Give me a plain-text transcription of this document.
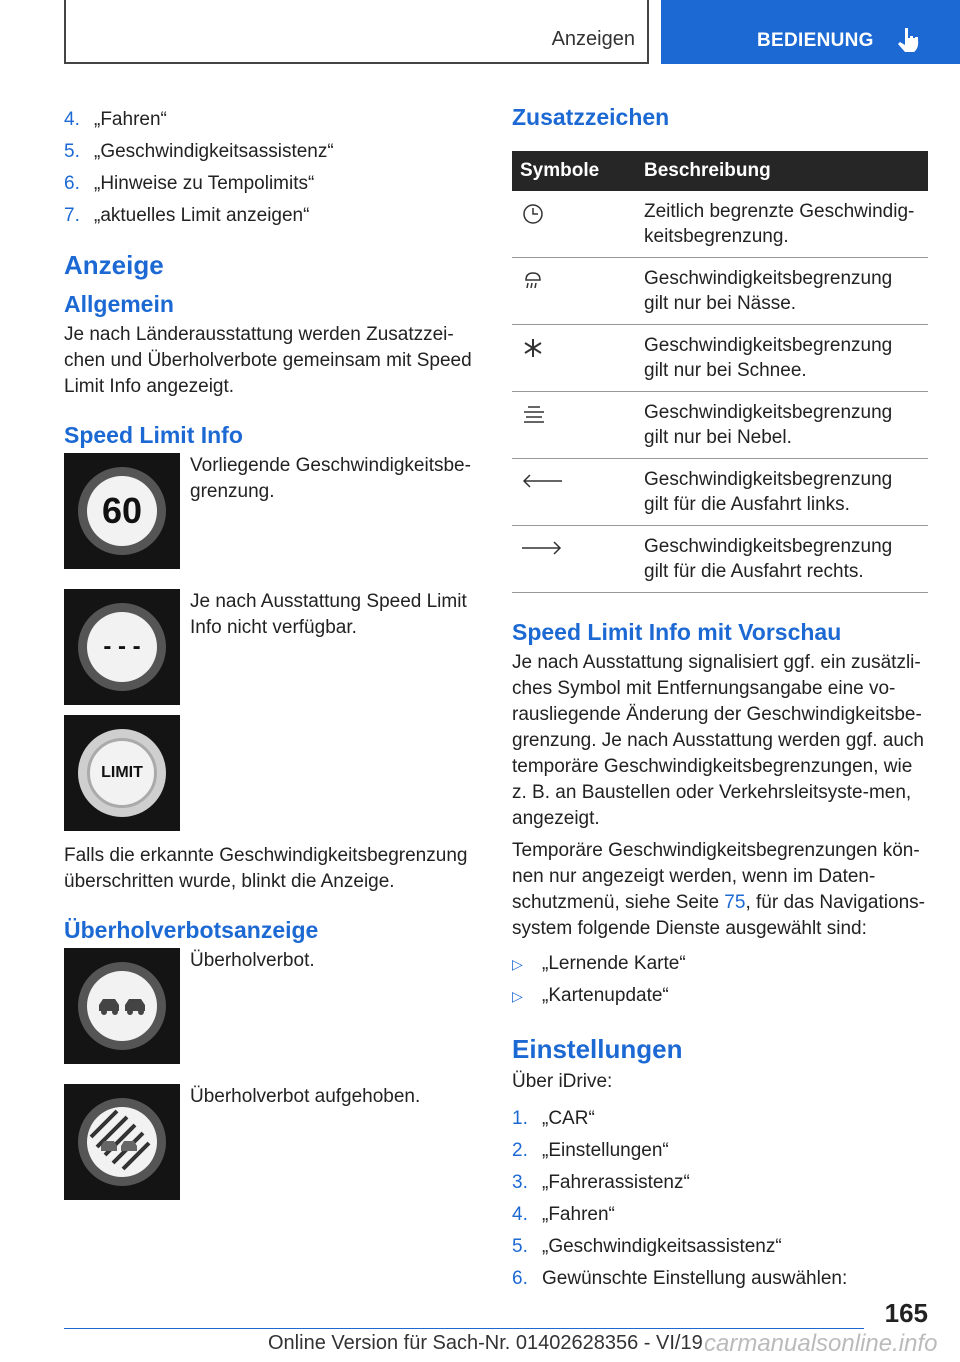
Anzeigen	BEDIENUNG
4. „Fahren“
5. „Geschwindigkeitsassistenz“
6. „Hinweise zu Tempolimits“
7. „aktuelles Limit anzeigen“
Anzeige
Allgemein

Je nach Länderausstattung werden Zusatzzei-chen und Überholverbote gemeinsam mit Speed Limit Info angezeigt.

Speed Limit Info
60
Vorliegende Geschwindigkeitsbe-grenzung.
- - -
Je nach Ausstattung Speed Limit Info nicht verfügbar.
LIMIT

Falls die erkannte Geschwindigkeitsbegrenzung überschritten wurde, blinkt die Anzeige.

Überholverbotsanzeige
Überholverbot.
Überholverbot aufgehoben.
Zusatzzeichen
Symbole	Beschreibung
	Zeitlich begrenzte Geschwindig-keitsbegrenzung.
	Geschwindigkeitsbegrenzung gilt nur bei Nässe.
	Geschwindigkeitsbegrenzung gilt nur bei Schnee.
	Geschwindigkeitsbegrenzung gilt nur bei Nebel.
	Geschwindigkeitsbegrenzung gilt für die Ausfahrt links.
	Geschwindigkeitsbegrenzung gilt für die Ausfahrt rechts.
Speed Limit Info mit Vorschau

Je nach Ausstattung signalisiert ggf. ein zusätzli-ches Symbol mit Entfernungsangabe eine vo-rausliegende Änderung der Geschwindigkeitsbe-grenzung. Je nach Ausstattung werden ggf. auch temporäre Geschwindigkeitsbegrenzungen, wie z. B. an Baustellen oder Verkehrsleitsyste-men, angezeigt.

Temporäre Geschwindigkeitsbegrenzungen kön-nen nur angezeigt werden, wenn im Daten-schutzmenü, siehe Seite 75, für das Navigations-system folgende Dienste ausgewählt sind:

▷	„Lernende Karte“
▷	„Kartenupdate“
Einstellungen

Über iDrive:

1. „CAR“
2. „Einstellungen“
3. „Fahrerassistenz“
4. „Fahren“
5. „Geschwindigkeitsassistenz“
6. Gewünschte Einstellung auswählen:
165
Online Version für Sach-Nr. 01402628356 - VI/19 carmanualsonline.info
